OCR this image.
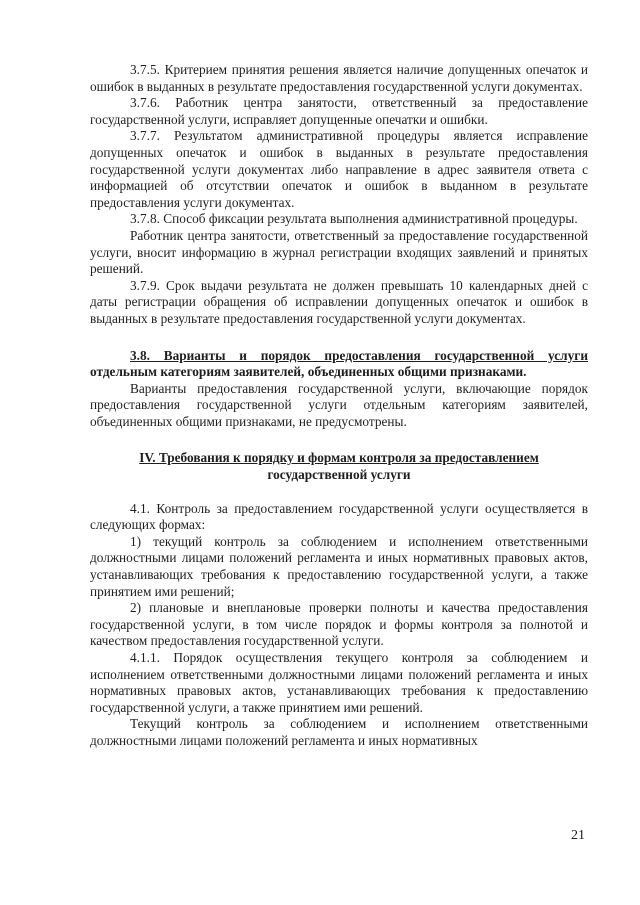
3.7.5. Критерием принятия решения является наличие допущенных опечаток и ошибок в выданных в результате предоставления государственной услуги документах.

3.7.6. Работник центра занятости, ответственный за предоставление государственной услуги, исправляет допущенные опечатки и ошибки.

3.7.7. Результатом административной процедуры является исправление допущенных опечаток и ошибок в выданных в результате предоставления государственной услуги документах либо направление в адрес заявителя ответа с информацией об отсутствии опечаток и ошибок в выданном в результате предоставления услуги документах.

3.7.8. Способ фиксации результата выполнения административной процедуры.

Работник центра занятости, ответственный за предоставление государственной услуги, вносит информацию в журнал регистрации входящих заявлений и принятых решений.

3.7.9. Срок выдачи результата не должен превышать 10 календарных дней с даты регистрации обращения об исправлении допущенных опечаток и ошибок в выданных в результате предоставления государственной услуги документах.

3.8. Варианты и порядок предоставления государственной услуги отдельным категориям заявителей, объединенных общими признаками.

Варианты предоставления государственной услуги, включающие порядок предоставления государственной услуги отдельным категориям заявителей, объединенных общими признаками, не предусмотрены.

IV. Требования к порядку и формам контроля за предоставлением
государственной услуги

4.1. Контроль за предоставлением государственной услуги осуществляется в следующих формах:

1) текущий контроль за соблюдением и исполнением ответственными должностными лицами положений регламента и иных нормативных правовых актов, устанавливающих требования к предоставлению государственной услуги, а также принятием ими решений;

2) плановые и внеплановые проверки полноты и качества предоставления государственной услуги, в том числе порядок и формы контроля за полнотой и качеством предоставления государственной услуги.

4.1.1. Порядок осуществления текущего контроля за соблюдением и исполнением ответственными должностными лицами положений регламента и иных нормативных правовых актов, устанавливающих требования к предоставлению государственной услуги, а также принятием ими решений.

Текущий контроль за соблюдением и исполнением ответственными должностными лицами положений регламента и иных нормативных

21
